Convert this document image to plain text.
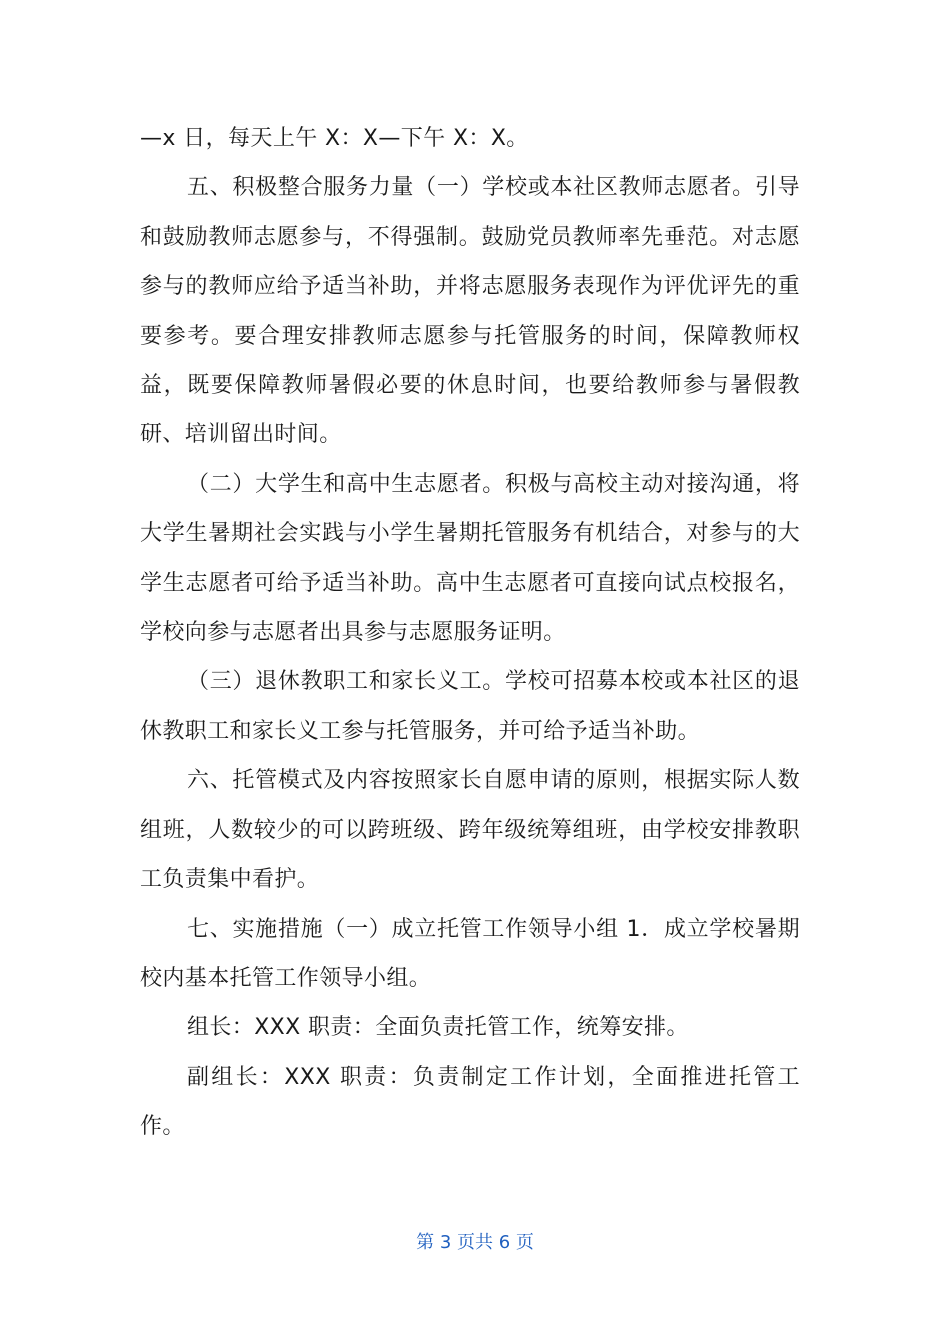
—x 日，每天上午 X：X—下午 X：X。

五、积极整合服务力量（一）学校或本社区教师志愿者。引导和鼓励教师志愿参与，不得强制。鼓励党员教师率先垂范。对志愿参与的教师应给予适当补助，并将志愿服务表现作为评优评先的重要参考。要合理安排教师志愿参与托管服务的时间，保障教师权益，既要保障教师暑假必要的休息时间，也要给教师参与暑假教研、培训留出时间。

（二）大学生和高中生志愿者。积极与高校主动对接沟通，将大学生暑期社会实践与小学生暑期托管服务有机结合，对参与的大学生志愿者可给予适当补助。高中生志愿者可直接向试点校报名，学校向参与志愿者出具参与志愿服务证明。

（三）退休教职工和家长义工。学校可招募本校或本社区的退休教职工和家长义工参与托管服务，并可给予适当补助。

六、托管模式及内容按照家长自愿申请的原则，根据实际人数组班，人数较少的可以跨班级、跨年级统筹组班，由学校安排教职工负责集中看护。

七、实施措施（一）成立托管工作领导小组 1．成立学校暑期校内基本托管工作领导小组。

组长：XXX 职责：全面负责托管工作，统筹安排。

副组长：XXX 职责：负责制定工作计划，全面推进托管工作。

第 3 页共 6 页
